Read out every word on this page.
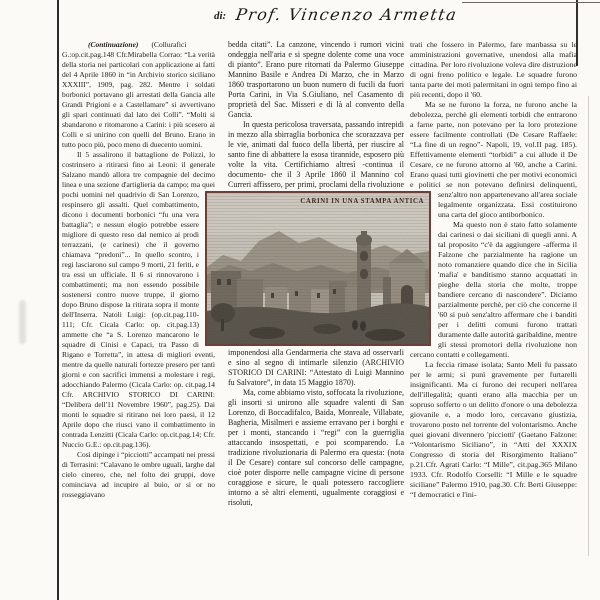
di: Prof. Vincenzo Armetta

(Continuazione) (Collurafici G.:op.cit.pag.148 Cfr.Mirabella Corrao: “La verità della storia nei particolari con applicazione ai fatti del 4 Aprile 1860 in “in Archivio storico siciliano XXXIII”, 1909, pag. 282. Mentre i soldati borbonici portavano gli arrestati della Gancia alle Grandi Prigioni e a Castellamare” si avvertivano gli spari continuati dal lato dei Colli”. “Molti si sbandarono e ritomarono a Carini: i più scesero ai Colli e si unirino con quelli del Bruno. Erano in tutto poco più, poco meno di duecento uomini.

Il 5 assalirono il battaglione de Polizzi, lo costrinsero a ritirarsi fino ai Leoni: il generale Salzano mandò allora tre compagnie del decimo linea e una sezione d'artiglieria da campo; ma quei pochi uomini nel quadrivio di San Lorenzo, respinsero gli assalti. Quel combattimento, dicono i documenti borbonici “fu una vera battaglia”; e nessun elogio potrebbe essere migliore di questo reso dal nemico ai prodi terrazzani, (e carinesi) che il governo chiamava “predoni”... In quello scontro, i regi lasciarono sul campo 9 morti, 21 feriti, e tra essi un ufficiale. Il 6 si rinnovarono i combattimenti; ma non essendo possibile sostenersi contro nuove truppe, il giorno dopo Bruno dispose la ritirata sopra il monte dell'Inserra. Natoli Luigi: (op.cit.pag.110-111; Cfr. Cicala Carlo: op. cit.pag.13) ammette che “a S. Lorenzo mancarono le squadre di Cinisi e Capaci, tra Passo di Rigano e Torretta”, in attesa di migliori eventi, mentre da quelle naturali fortezze presero per tanti giorni e con sacrifici immensi a molestare i regi, adocchiando Palermo (Cicala Carlo: op. cit.pag.14 Cfr. ARCHIVIO STORICO DI CARINI: “Delibera dell'11 Novembre 1960”, pag.25). Dai monti le squadre si ritirano nei loro paesi, il 12 Aprile dopo che riusci vano il combattimento in contrada Lenzitti (Cicala Carlo: op.cit.pag.14; Cfr. Nuccio G.E.: op.cit.pag.136).

Così dipinge i “picciotti” accampati nei pressi di Terrasini: “Calavano le ombre uguali, larghe dal cielo cinereo, che, nel folto dei gruppi, dove cominciava ad incupire al buio, or si or no rosseggiavano

bedda citati”. La canzone, vincendo i rumori vicini ondeggia nell'aria e si spegne dolente come una voce di pianto”. Erano pure ritornati da Palermo Giuseppe Mannino Basile e Andrea Di Marzo, che in Marzo 1860 trasportarono un buon numero di fucili da fuori Porta Carini, in Via S.Giuliano, nel Casamento di proprietà del Sac. Misseri e di là al convento della Gancia.

In questa pericolosa traversata, passando intrepidi in mezzo alla sbirraglia borbonica che scorazzava per le vie, animati dal fuoco della libertà, per riuscire al santo fine di abbattere la esosa tirannide, esposero più volte la vita. Certifichiamo altresì -continua il documento- che il 3 Aprile 1860 il Mannino col Curreri affissero, per primi, proclami della rivoluzione imponendosi alla Gendarmeria che stava ad osservarli e sino al segno di intimarle silenzio (ARCHIVIO STORICO DI CARINI: “Attestato di Luigi Mannino fu Salvatore”, in data 15 Maggio 1870).

Ma, come abbiamo visto, soffocata la rivoluzione, gli insorti si unirono alle squadre valenti di San Lorenzo, di Boccadifalco, Baida, Monreale, Villabate, Bagheria, Misilmeri e assieme erravano per i borghi e per i monti, stancando i “regi” con la guerriglia attaccando insospettati, e poi scomparendo. La tradizione rivoluzionaria di Palermo era questa: (nota il De Cesare) contare sul concorso delle campagne, cioè poter disporre nelle campagne vicine di persone coraggiose e sicure, le quali potessero raccogliere intorno a sè altri elementi, ugualmente coraggiosi e risoluti,

trati che fossero in Palermo, fare manbassa su le amministrazioni governative, unendosi alla mafia cittadina. Per loro rivoluzione voleva dire distruzione di ogni freno politico e legale. Le squadre furono tanta parte dei moti palermitani in ogni tempo fino ai più recenti, dopo il '60.

Ma se ne furono la forza, ne furono anche la debolezza, perchè gli elementi torbidi che entrarono a farne parte, non potevano per la loro protezione essere facilmente controllati (De Cesare Raffaele: “La fine di un regno”- Napoli, 19, vol.II pag. 185). Effettivamente elementi “torbidi” a cui allude il De Cesare, ce ne furono attorno al '60, anche a Carini. Erano quasi tutti giovinetti che per motivi economici e politici se non potevano definirsi delinquenti, senz'altro non appartenevano all'area sociale legalmente organizzata. Essi costituirono una carta del gioco antiborbonico.

Ma questo non è stato fatto solamente dai carinesi o dai siciliani di quegli anni. A tal proposito “c'è da aggiungere -afferma il Falzone che parzialmente ha ragione un noto romanziere quando dice che in Sicilia 'mafia' e banditismo stanno acquattati in pieghe della storia che molte, troppe bandiere cercano di nascondere”. Diciamo parzialmente perchè, per ciò che concerne il '60 si può senz'altro affermare che i banditi per i delitti comuni furono trattati duramente dalle autorità garibaldine, mentre gli stessi promotori della rivoluzione non cercano contatti e collegamenti.

La feccia rimase isolata; Santo Meli fu passato per le armi; si punì gravemente per furtarelli insignificanti. Ma ci furono dei recuperi nell'area dell'illegalità; quanti erano alla macchia per un sopruso sofferto o un delitto d'onore o una debolezza giovanile e, a modo loro, cercavano giustizia, trovarono posto nel torrente del volontarismo. Anche quei giovani divennero 'picciotti' (Gaetano Falzone: “Volontarismo Siciliano”, in “Atti del XXXIX Congresso di storia del Risorgimento Italiano” p.21.Cfr. Agrati Carlo: “I Mille”, cit.pag.365 Milano 1933. Cfr. Rodolfo Corselli: “I Mille e le squadre siciliane” Palermo 1910, pag.30. Cfr. Berti Giuseppe: “I democratici e l'ini-

CARINI IN UNA STAMPA ANTICA
